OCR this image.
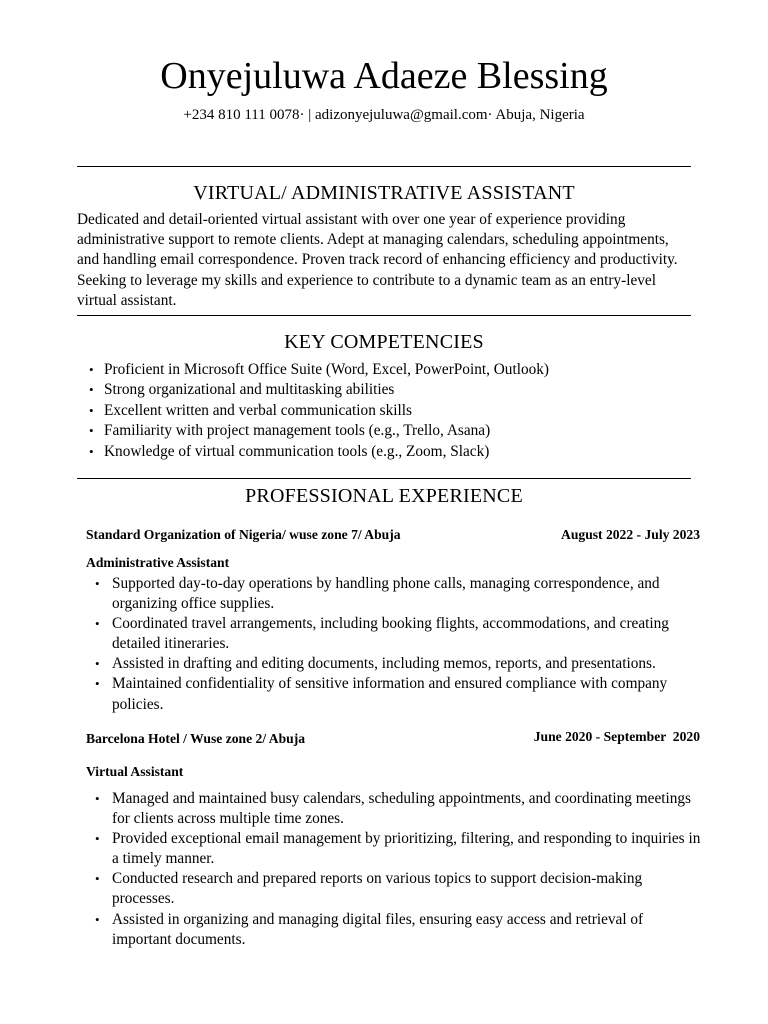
Onyejuluwa Adaeze Blessing
+234 810 111 0078· | adizonyejuluwa@gmail.com· Abuja, Nigeria
VIRTUAL/ ADMINISTRATIVE ASSISTANT

Dedicated and detail-oriented virtual assistant with over one year of experience providing administrative support to remote clients. Adept at managing calendars, scheduling appointments, and handling email correspondence. Proven track record of enhancing efficiency and productivity. Seeking to leverage my skills and experience to contribute to a dynamic team as an entry-level virtual assistant.

KEY COMPETENCIES
• Proficient in Microsoft Office Suite (Word, Excel, PowerPoint, Outlook)
• Strong organizational and multitasking abilities
• Excellent written and verbal communication skills
• Familiarity with project management tools (e.g., Trello, Asana)
• Knowledge of virtual communication tools (e.g., Zoom, Slack)
PROFESSIONAL EXPERIENCE
Standard Organization of Nigeria/ wuse zone 7/ Abuja	August 2022 - July 2023
Administrative Assistant
• Supported day-to-day operations by handling phone calls, managing correspondence, and organizing office supplies.
• Coordinated travel arrangements, including booking flights, accommodations, and creating detailed itineraries.
• Assisted in drafting and editing documents, including memos, reports, and presentations.
• Maintained confidentiality of sensitive information and ensured compliance with company policies.
Barcelona Hotel / Wuse zone 2/ Abuja	June 2020 - September  2020
Virtual Assistant
• Managed and maintained busy calendars, scheduling appointments, and coordinating meetings for clients across multiple time zones.
• Provided exceptional email management by prioritizing, filtering, and responding to inquiries in a timely manner.
• Conducted research and prepared reports on various topics to support decision-making processes.
• Assisted in organizing and managing digital files, ensuring easy access and retrieval of important documents.
